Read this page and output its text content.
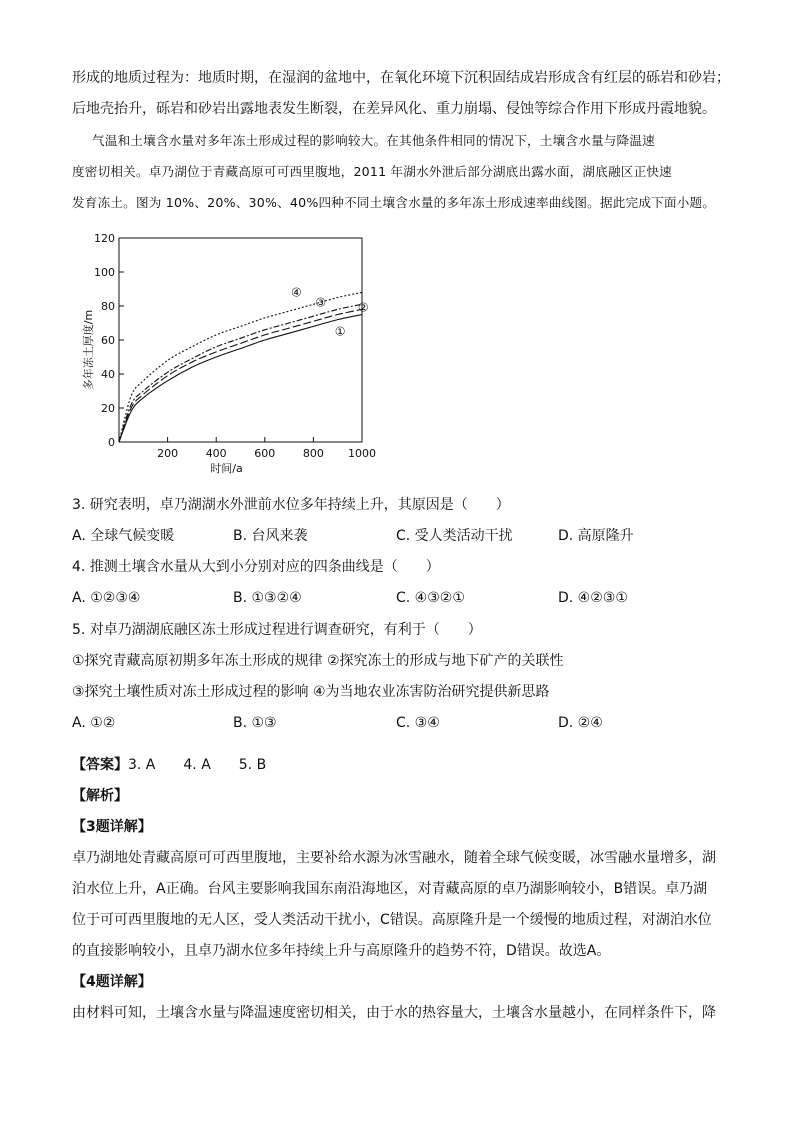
形成的地质过程为：地质时期，在湿润的盆地中，在氧化环境下沉积固结成岩形成含有红层的砾岩和砂岩；
后地壳抬升，砾岩和砂岩出露地表发生断裂，在差异风化、重力崩塌、侵蚀等综合作用下形成丹霞地貌。
气温和土壤含水量对多年冻土形成过程的影响较大。在其他条件相同的情况下，土壤含水量与降温速
度密切相关。卓乃湖位于青藏高原可可西里腹地，2011 年湖水外泄后部分湖底出露水面，湖底融区正快速
发育冻土。图为 10%、20%、30%、40%四种不同土壤含水量的多年冻土形成速率曲线图。据此完成下面小题。
0
20
40
60
80
100
120
200	400	600	800 1000
时间/a
多年冻土厚度/m	①
②
③
④
3. 研究表明，卓乃湖湖水外泄前水位多年持续上升，其原因是（　　）
A. 全球气候变暖	B. 台风来袭	C. 受人类活动干扰	D. 高原隆升
4. 推测土壤含水量从大到小分别对应的四条曲线是（　　）
A. ①②③④	B. ①③②④	C. ④③②①	D. ④②③①
5. 对卓乃湖湖底融区冻土形成过程进行调查研究，有利于（　　）
①探究青藏高原初期多年冻土形成的规律 ②探究冻土的形成与地下矿产的关联性
③探究土壤性质对冻土形成过程的影响 ④为当地农业冻害防治研究提供新思路
A. ①②	B. ①③	C. ③④	D. ②④
【答案】3. A　　4. A　　5. B
【解析】
【3题详解】
卓乃湖地处青藏高原可可西里腹地，主要补给水源为冰雪融水，随着全球气候变暖，冰雪融水量增多，湖
泊水位上升，A正确。台风主要影响我国东南沿海地区，对青藏高原的卓乃湖影响较小，B错误。卓乃湖
位于可可西里腹地的无人区，受人类活动干扰小，C错误。高原隆升是一个缓慢的地质过程，对湖泊水位
的直接影响较小，且卓乃湖水位多年持续上升与高原隆升的趋势不符，D错误。故选A。
【4题详解】
由材料可知，土壤含水量与降温速度密切相关，由于水的热容量大，土壤含水量越小，在同样条件下，降
